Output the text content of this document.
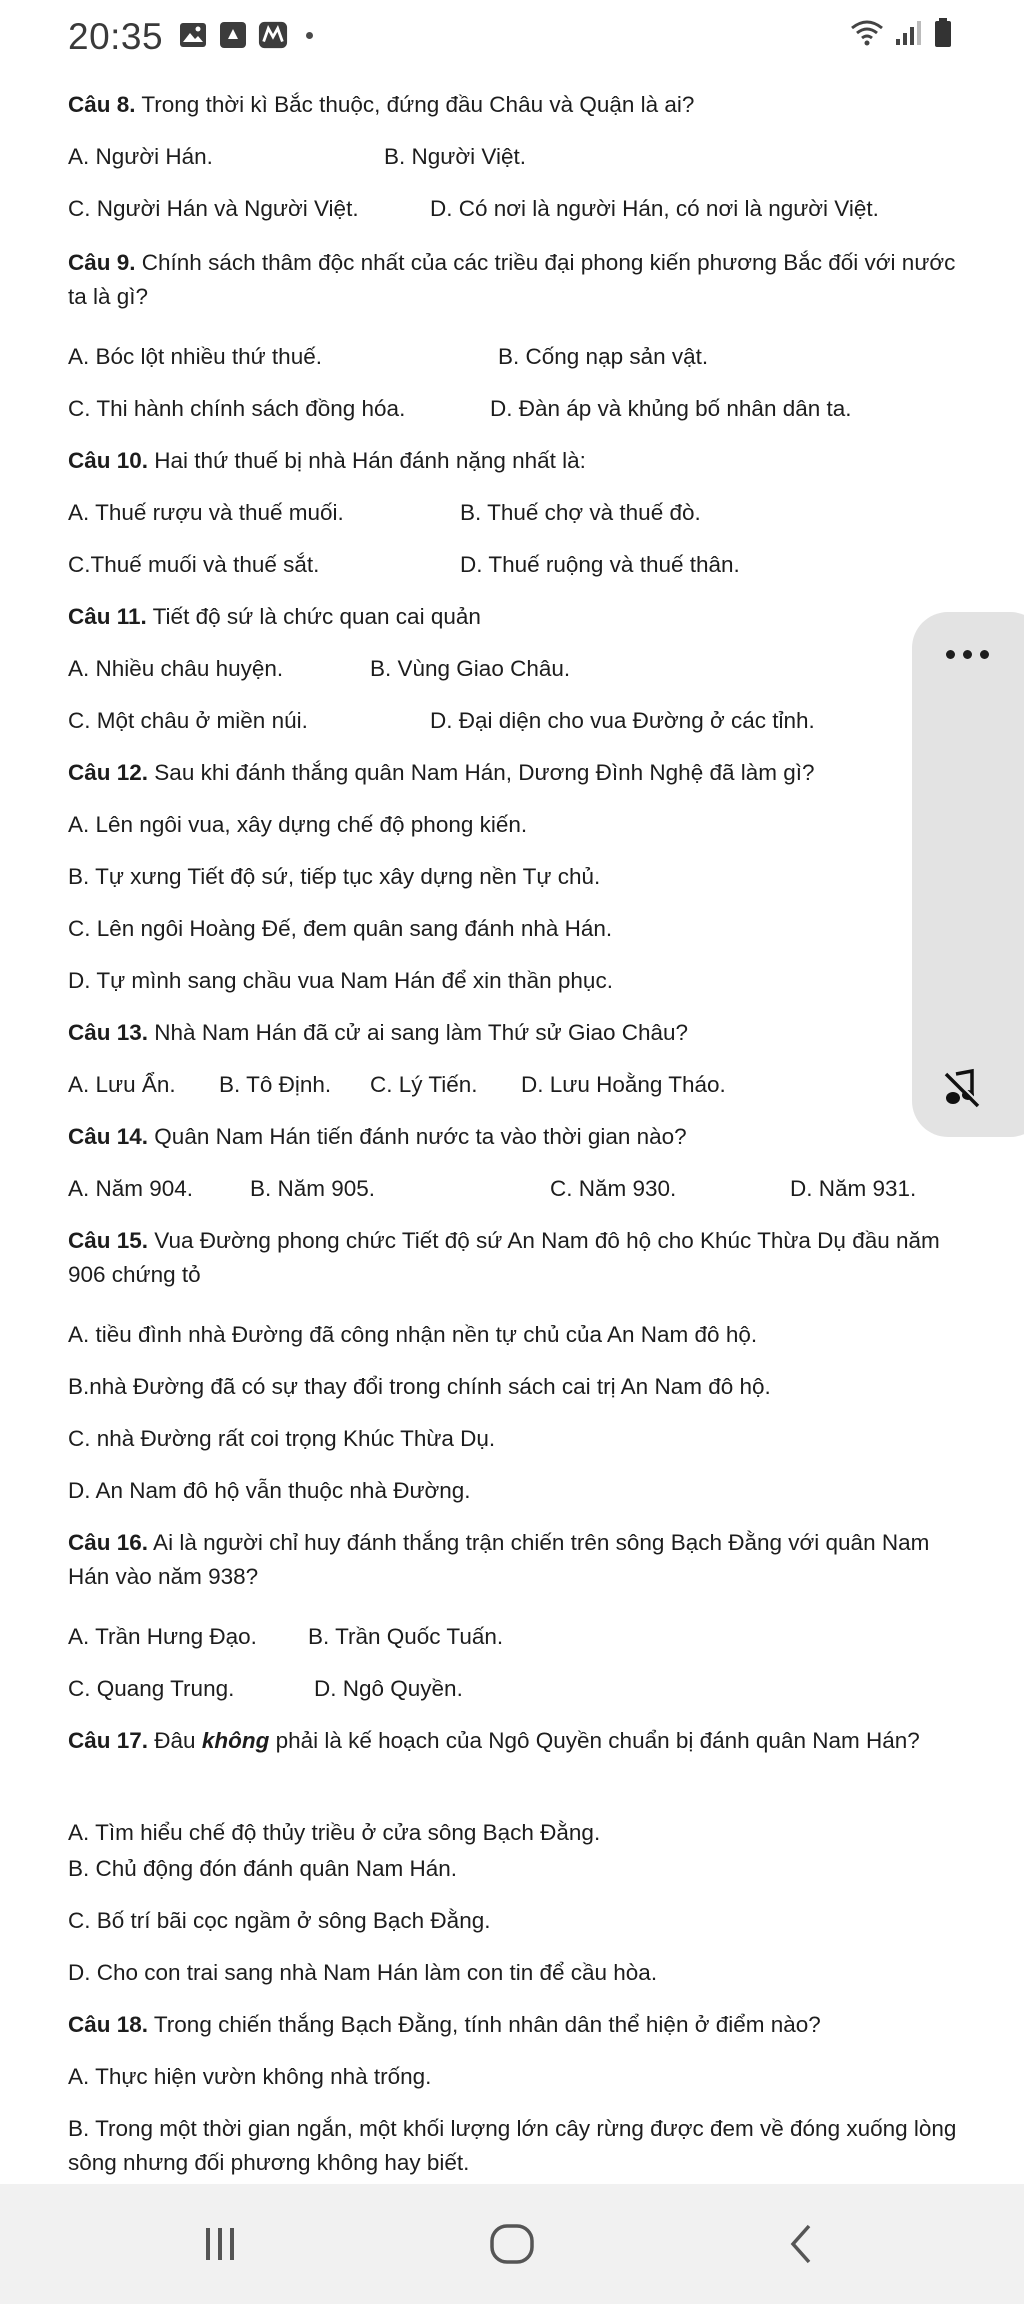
20:35
Câu 8. Trong thời kì Bắc thuộc, đứng đầu Châu và Quận là ai?
A. Người Hán.	B. Người Việt.
C. Người Hán và Người Việt.	D. Có nơi là người Hán, có nơi là người Việt.
Câu 9. Chính sách thâm độc nhất của các triều đại phong kiến phương Bắc đối với nước ta là gì?
A. Bóc lột nhiều thứ thuế.	B. Cống nạp sản vật.
C. Thi hành chính sách đồng hóa.	D. Đàn áp và khủng bố nhân dân ta.
Câu 10. Hai thứ thuế bị nhà Hán đánh nặng nhất là:
A. Thuế rượu và thuế muối.	B. Thuế chợ và thuế đò.
C.Thuế muối và thuế sắt.	D. Thuế ruộng và thuế thân.
Câu 11. Tiết độ sứ là chức quan cai quản
A. Nhiều châu huyện.	B. Vùng Giao Châu.
C. Một châu ở miền núi.	D. Đại diện cho vua Đường ở các tỉnh.
Câu 12. Sau khi đánh thắng quân Nam Hán, Dương Đình Nghệ đã làm gì?
A. Lên ngôi vua, xây dựng chế độ phong kiến.
B. Tự xưng Tiết độ sứ, tiếp tục xây dựng nền Tự chủ.
C. Lên ngôi Hoàng Đế, đem quân sang đánh nhà Hán.
D. Tự mình sang chầu vua Nam Hán để xin thần phục.
Câu 13. Nhà Nam Hán đã cử ai sang làm Thứ sử Giao Châu?
A. Lưu Ẩn. B. Tô Định. C. Lý Tiến. D. Lưu Hoằng Tháo.
Câu 14. Quân Nam Hán tiến đánh nước ta vào thời gian nào?
A. Năm 904.	B. Năm 905.	C. Năm 930.	D. Năm 931.
Câu 15. Vua Đường phong chức Tiết độ sứ An Nam đô hộ cho Khúc Thừa Dụ đầu năm 906 chứng tỏ
A. tiều đình nhà Đường đã công nhận nền tự chủ của An Nam đô hộ.
B.nhà Đường đã có sự thay đổi trong chính sách cai trị An Nam đô hộ.
C. nhà Đường rất coi trọng Khúc Thừa Dụ.
D. An Nam đô hộ vẫn thuộc nhà Đường.
Câu 16. Ai là người chỉ huy đánh thắng trận chiến trên sông Bạch Đằng với quân Nam Hán vào năm 938?
A. Trần Hưng Đạo. B. Trần Quốc Tuấn.
C. Quang Trung.	D. Ngô Quyền.
Câu 17. Đâu không phải là kế hoạch của Ngô Quyền chuẩn bị đánh quân Nam Hán?
A. Tìm hiểu chế độ thủy triều ở cửa sông Bạch Đằng.
B. Chủ động đón đánh quân Nam Hán.
C. Bố trí bãi cọc ngầm ở sông Bạch Đằng.
D. Cho con trai sang nhà Nam Hán làm con tin để cầu hòa.
Câu 18. Trong chiến thắng Bạch Đằng, tính nhân dân thể hiện ở điểm nào?
A. Thực hiện vườn không nhà trống.
B. Trong một thời gian ngắn, một khối lượng lớn cây rừng được đem về đóng xuống lòng sông nhưng đối phương không hay biết.
